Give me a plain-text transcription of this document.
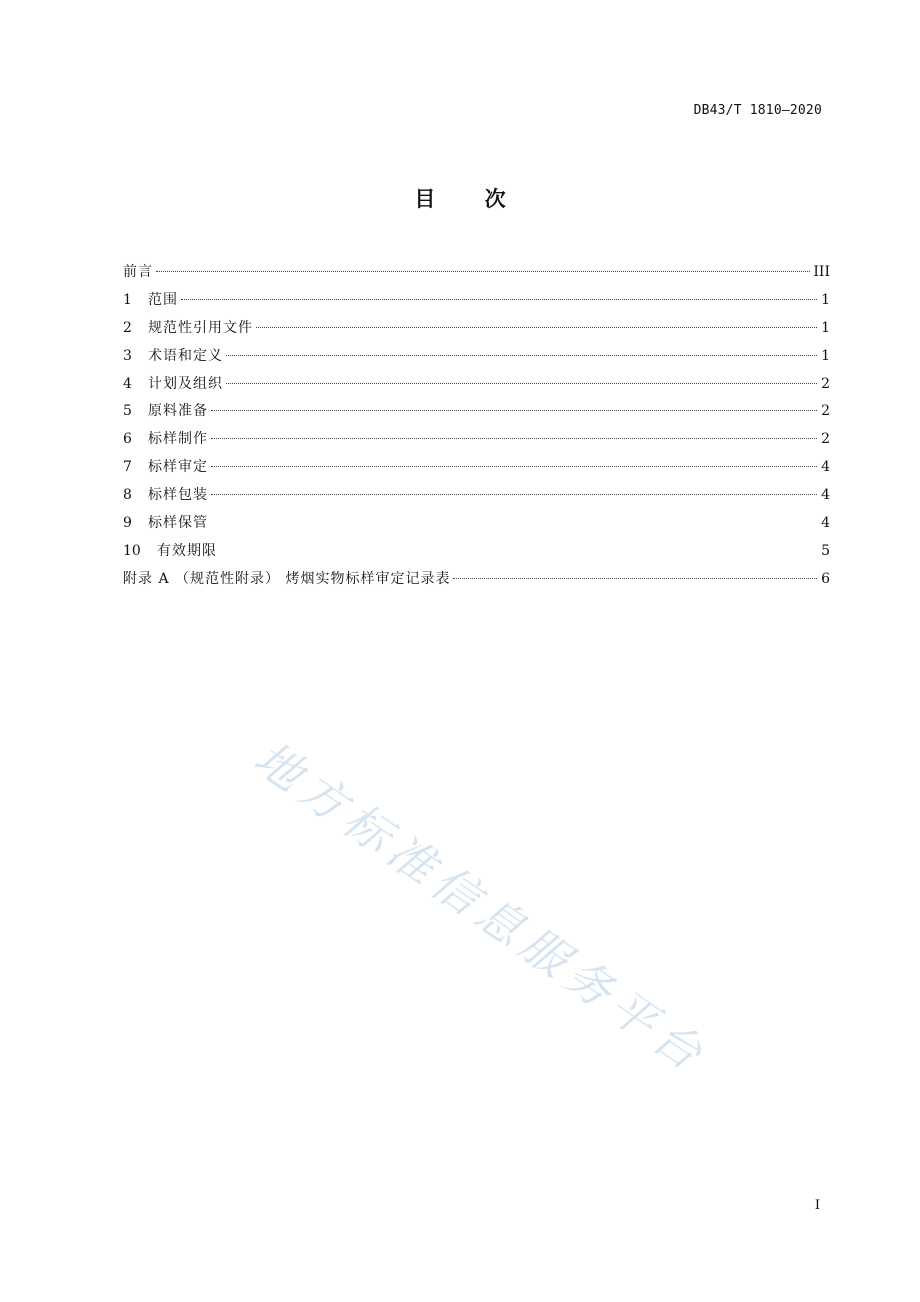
DB43/T 1810—2020
目 次
前言	III
1	范围	1
2	规范性引用文件	1
3	术语和定义	1
4	计划及组织	2
5	原料准备	2
6	标样制作	2
7	标样审定	4
8	标样包装	4
9	标样保管	4
10	有效期限	5
附录 A （规范性附录） 烤烟实物标样审定记录表	6
地方标准信息服务平台
I
